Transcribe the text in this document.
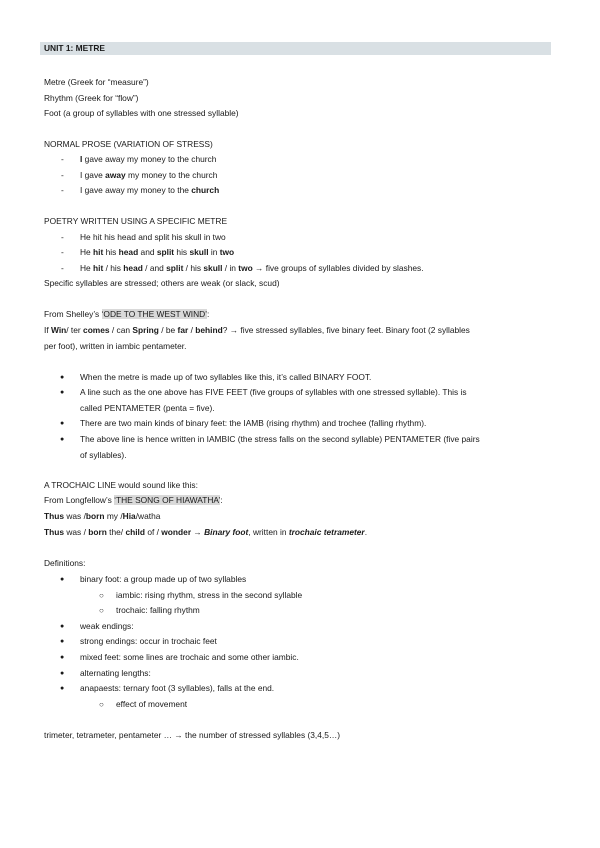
UNIT 1: METRE
Metre (Greek for “measure”)
Rhythm (Greek for “flow”)
Foot (a group of syllables with one stressed syllable)
NORMAL PROSE (VARIATION OF STRESS)
- I gave away my money to the church
- I gave away my money to the church
- I gave away my money to the church
POETRY WRITTEN USING A SPECIFIC METRE
- He hit his head and split his skull in two
- He hit his head and split his skull in two
- He hit / his head / and split / his skull / in two → five groups of syllables divided by slashes.
Specific syllables are stressed; others are weak (or slack, scud)
From Shelley’s ‘ODE TO THE WEST WIND’:
If Win/ ter comes / can Spring / be far / behind? → five stressed syllables, five binary feet. Binary foot (2 syllables
per foot), written in iambic pentameter.
● When the metre is made up of two syllables like this, it’s called BINARY FOOT.
● A line such as the one above has FIVE FEET (five groups of syllables with one stressed syllable). This is
called PENTAMETER (penta = five).
● There are two main kinds of binary feet: the IAMB (rising rhythm) and trochee (falling rhythm).
● The above line is hence written in IAMBIC (the stress falls on the second syllable) PENTAMETER (five pairs
of syllables).
A TROCHAIC LINE would sound like this:
From Longfellow’s ‘THE SONG OF HIAWATHA’:
Thus was /born my /Hia/watha
Thus was / born the/ child of / wonder → Binary foot, written in trochaic tetrameter.
Definitions:
● binary foot: a group made up of two syllables
○ iambic: rising rhythm, stress in the second syllable
○ trochaic: falling rhythm
● weak endings:
● strong endings: occur in trochaic feet
● mixed feet: some lines are trochaic and some other iambic.
● alternating lengths:
● anapaests: ternary foot (3 syllables), falls at the end.
○ effect of movement
trimeter, tetrameter, pentameter … → the number of stressed syllables (3,4,5…)
